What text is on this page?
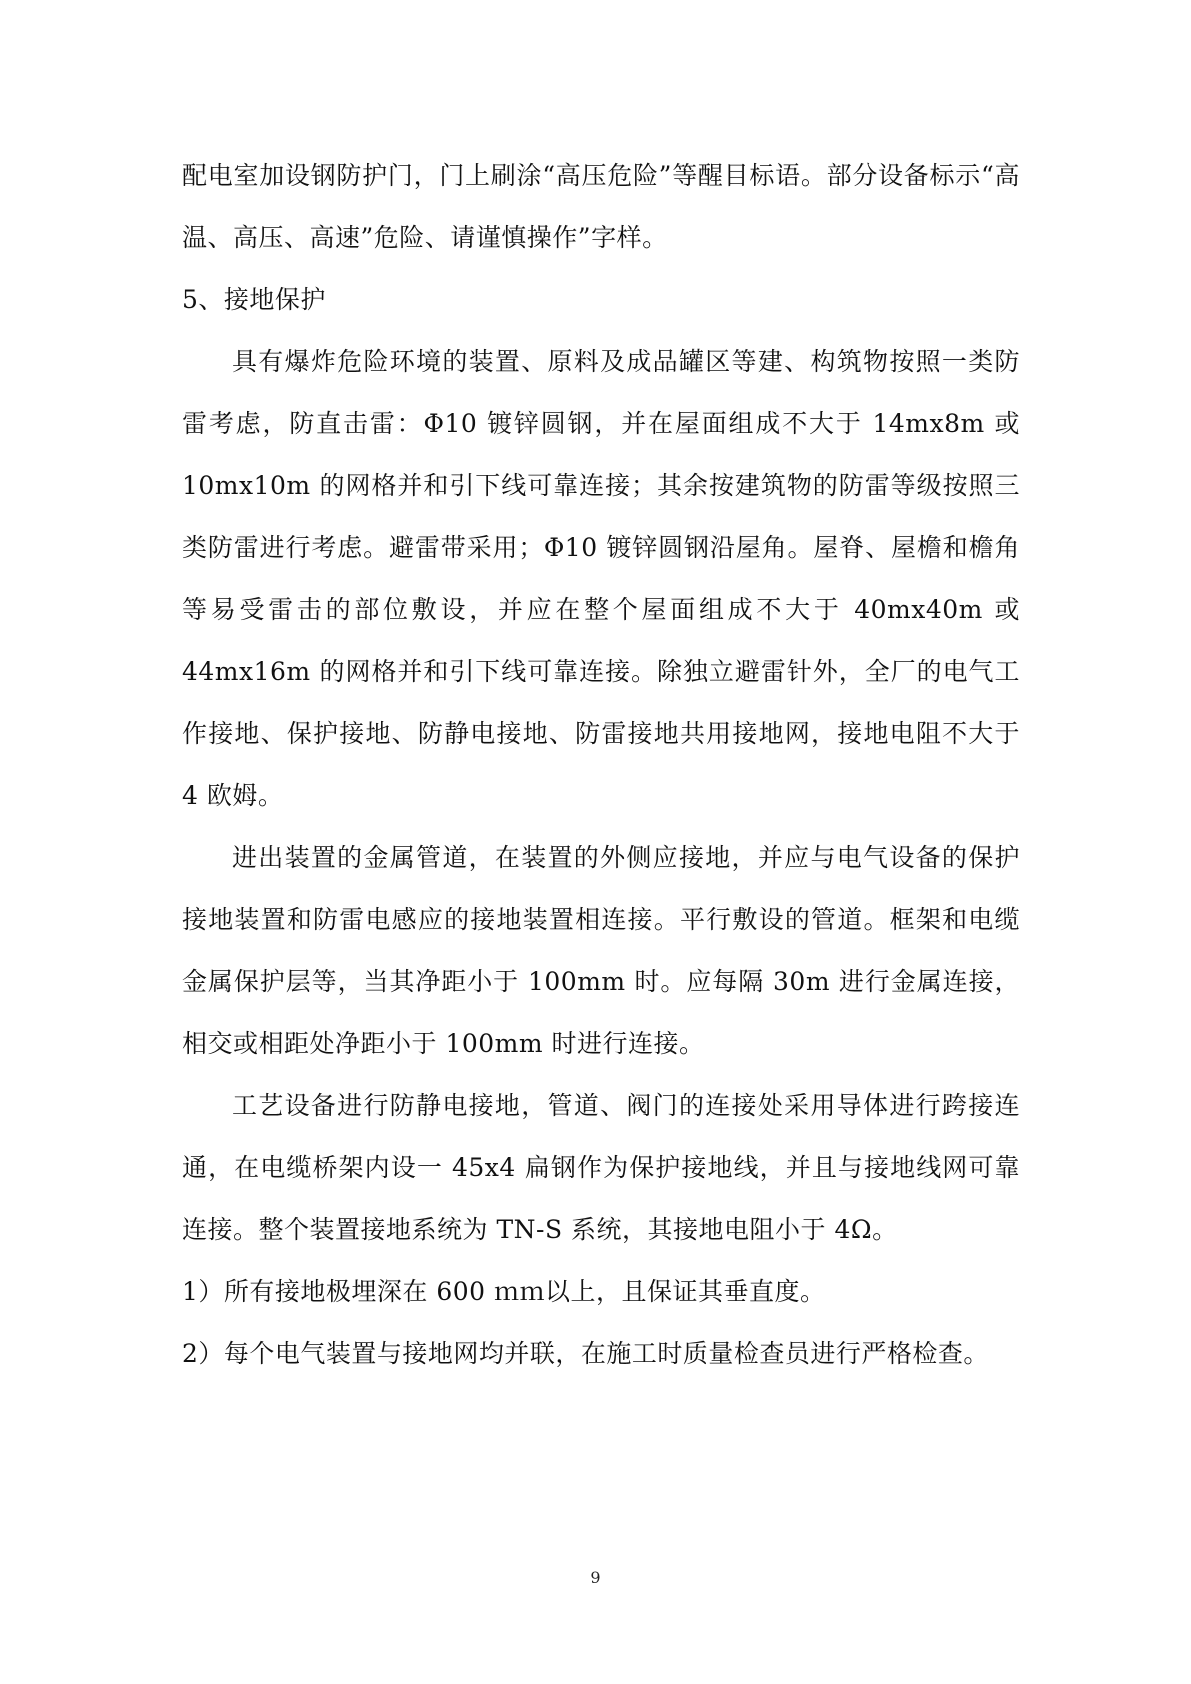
配电室加设钢防护门，门上刷涂“高压危险”等醒目标语。部分设备标示“高温、高压、高速”危险、请谨慎操作”字样。

5、接地保护

具有爆炸危险环境的装置、原料及成品罐区等建、构筑物按照一类防雷考虑，防直击雷：Φ10 镀锌圆钢，并在屋面组成不大于 14mx8m 或 10mx10m 的网格并和引下线可靠连接；其余按建筑物的防雷等级按照三类防雷进行考虑。避雷带采用；Φ10 镀锌圆钢沿屋角。屋脊、屋檐和檐角等易受雷击的部位敷设，并应在整个屋面组成不大于 40mx40m 或 44mx16m 的网格并和引下线可靠连接。除独立避雷针外，全厂的电气工作接地、保护接地、防静电接地、防雷接地共用接地网，接地电阻不大于 4 欧姆。

进出装置的金属管道，在装置的外侧应接地，并应与电气设备的保护接地装置和防雷电感应的接地装置相连接。平行敷设的管道。框架和电缆金属保护层等，当其净距小于 100mm 时。应每隔 30m 进行金属连接，相交或相距处净距小于 100mm 时进行连接。

工艺设备进行防静电接地，管道、阀门的连接处采用导体进行跨接连通，在电缆桥架内设一 45x4 扁钢作为保护接地线，并且与接地线网可靠连接。整个装置接地系统为 TN-S 系统，其接地电阻小于 4Ω。

1）所有接地极埋深在 600 ｍｍ以上，且保证其垂直度。

2）每个电气装置与接地网均并联，在施工时质量检查员进行严格检查。

9
